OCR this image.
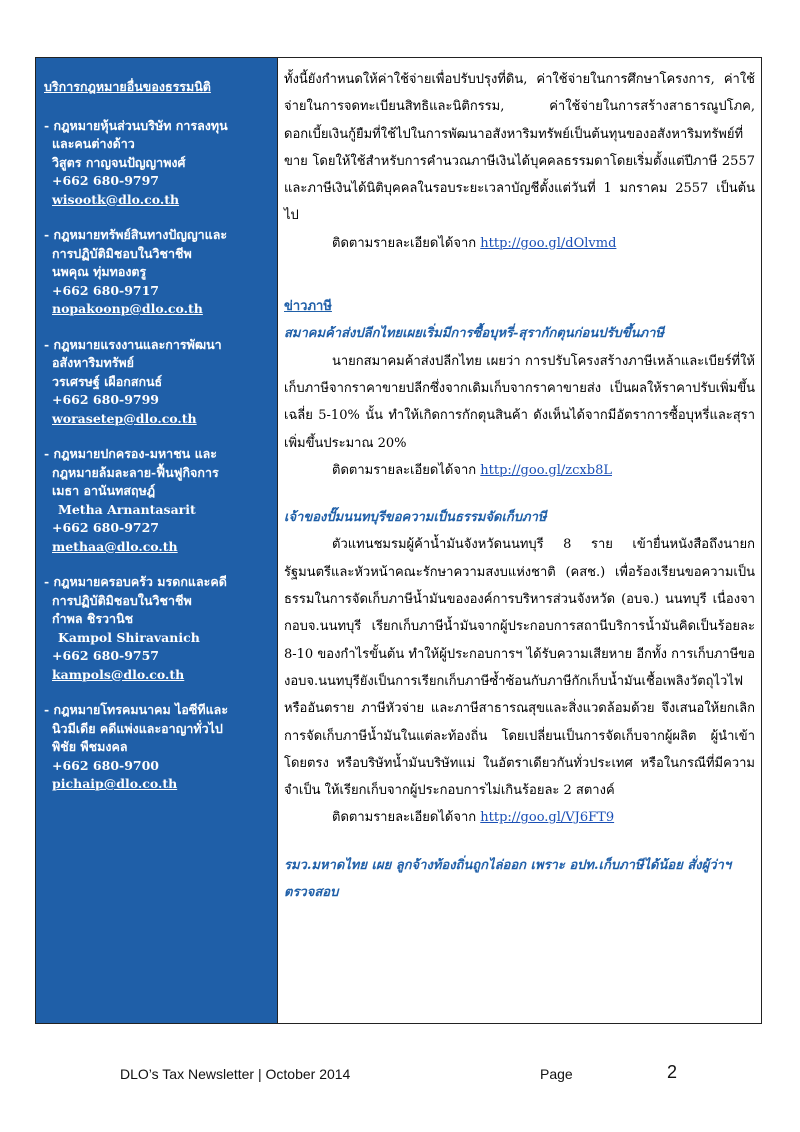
บริการกฎหมายอื่นของธรรมนิติ
- กฎหมายหุ้นส่วนบริษัท การลงทุน
และคนต่างด้าว
วิสูตร กาญจนปัญญาพงศ์
+662 680-9797
wisootk@dlo.co.th
- กฎหมายทรัพย์สินทางปัญญาและ
การปฏิบัติมิชอบในวิชาชีพ
นพคุณ ทุ่มทองตรู
+662 680-9717
nopakoonp@dlo.co.th
- กฎหมายแรงงานและการพัฒนา
อสังหาริมทรัพย์
วรเศรษฐ์ เผือกสกนธ์
+662 680-9799
worasetep@dlo.co.th
- กฎหมายปกครอง-มหาชน และ
กฎหมายล้มละลาย-ฟื้นฟูกิจการ
เมธา อานันทสฤษฎ์
Metha Arnantasarit
+662 680-9727
methaa@dlo.co.th
- กฎหมายครอบครัว มรดกและคดี
การปฏิบัติมิชอบในวิชาชีพ
กำพล ชิรวานิช
Kampol Shiravanich
+662 680-9757
kampols@dlo.co.th
- กฎหมายโทรคมนาคม ไอซีทีและ
นิวมีเดีย คดีแพ่งและอาญาทั่วไป
พิชัย พืชมงคล
+662 680-9700
pichaip@dlo.co.th

ทั้งนี้ยังกำหนดให้ค่าใช้จ่ายเพื่อปรับปรุงที่ดิน, ค่าใช้จ่ายในการศึกษาโครงการ, ค่าใช้จ่ายในการจดทะเบียนสิทธิและนิติกรรม, ค่าใช้จ่ายในการสร้างสาธารณูปโภค, ดอกเบี้ยเงินกู้ยืมที่ใช้ไปในการพัฒนาอสังหาริมทรัพย์เป็นต้นทุนของอสังหาริมทรัพย์ที่ขาย โดยให้ใช้สำหรับการคำนวณภาษีเงินได้บุคคลธรรมดาโดยเริ่มตั้งแต่ปีภาษี 2557 และภาษีเงินได้นิติบุคคลในรอบระยะเวลาบัญชีตั้งแต่วันที่ 1 มกราคม 2557 เป็นต้นไป

ติดตามรายละเอียดได้จาก http://goo.gl/dOlvmd
ข่าวภาษี
สมาคมค้าส่งปลีกไทยเผยเริ่มมีการซื้อบุหรี่-สุรากักตุนก่อนปรับขึ้นภาษี

นายกสมาคมค้าส่งปลีกไทย เผยว่า การปรับโครงสร้างภาษีเหล้าและเบียร์ที่ให้เก็บภาษีจากราคาขายปลีกซึ่งจากเดิมเก็บจากราคาขายส่ง เป็นผลให้ราคาปรับเพิ่มขึ้นเฉลี่ย 5-10% นั้น ทำให้เกิดการกักตุนสินค้า ดังเห็นได้จากมีอัตราการซื้อบุหรี่และสุราเพิ่มขึ้นประมาณ 20%

ติดตามรายละเอียดได้จาก http://goo.gl/zcxb8L
เจ้าของปั๊มนนทบุรีขอความเป็นธรรมจัดเก็บภาษี

ตัวแทนชมรมผู้ค้าน้ำมันจังหวัดนนทบุรี 8 ราย เข้ายื่นหนังสือถึงนายกรัฐมนตรีและหัวหน้าคณะรักษาความสงบแห่งชาติ (คสช.) เพื่อร้องเรียนขอความเป็นธรรมในการจัดเก็บภาษีน้ำมันขององค์การบริหารส่วนจังหวัด (อบจ.) นนทบุรี เนื่องจากอบจ.นนทบุรี เรียกเก็บภาษีน้ำมันจากผู้ประกอบการสถานีบริการน้ำมันคิดเป็นร้อยละ 8-10 ของกำไรขั้นต้น ทำให้ผู้ประกอบการฯ ได้รับความเสียหาย อีกทั้ง การเก็บภาษีของอบจ.นนทบุรียังเป็นการเรียกเก็บภาษีซ้ำซ้อนกับภาษีกักเก็บน้ำมันเชื้อเพลิงวัตถุไวไฟหรืออันตราย ภาษีหัวจ่าย และภาษีสาธารณสุขและสิ่งแวดล้อมด้วย จึงเสนอให้ยกเลิกการจัดเก็บภาษีน้ำมันในแต่ละท้องถิ่น โดยเปลี่ยนเป็นการจัดเก็บจากผู้ผลิต ผู้นำเข้าโดยตรง หรือบริษัทน้ำมันบริษัทแม่ ในอัตราเดียวกันทั่วประเทศ หรือในกรณีที่มีความจำเป็น ให้เรียกเก็บจากผู้ประกอบการไม่เกินร้อยละ 2 สตางค์

ติดตามรายละเอียดได้จาก http://goo.gl/VJ6FT9
รมว.มหาดไทย เผย ลูกจ้างท้องถิ่นถูกไล่ออก เพราะ อปท.เก็บภาษีได้น้อย สั่งผู้ว่าฯ ตรวจสอบ
DLO’s Tax Newsletter | October 2014	Page	2
